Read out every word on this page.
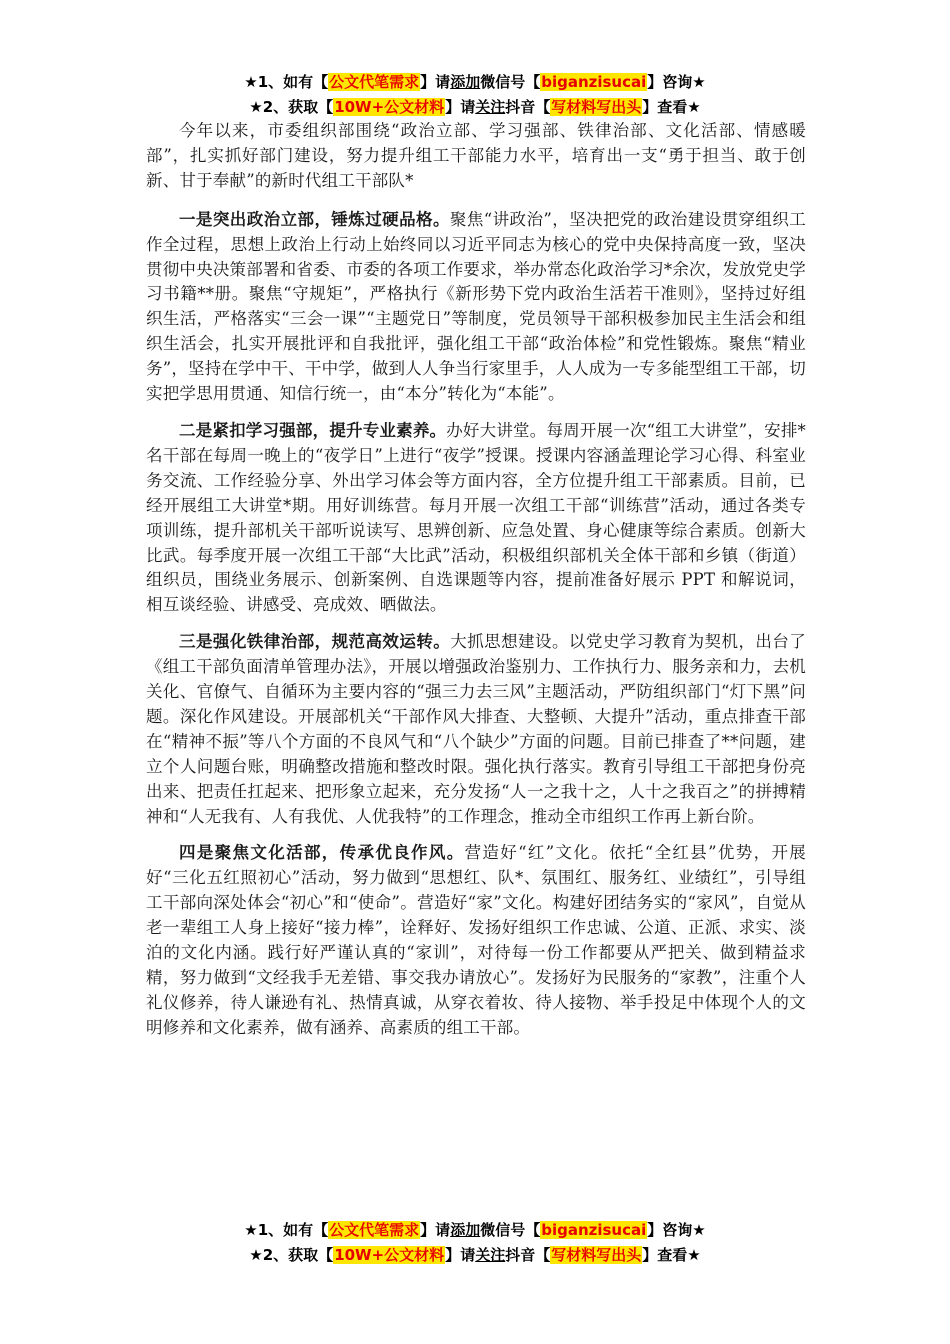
★1、如有【公文代笔需求】请添加微信号【biganzisucai】咨询★
★2、获取【10W+公文材料】请关注抖音【写材料写出头】查看★

今年以来，市委组织部围绕“政治立部、学习强部、铁律治部、文化活部、情感暖部”，扎实抓好部门建设，努力提升组工干部能力水平，培育出一支“勇于担当、敢于创新、甘于奉献”的新时代组工干部队*

一是突出政治立部，锤炼过硬品格。聚焦“讲政治”，坚决把党的政治建设贯穿组织工作全过程，思想上政治上行动上始终同以习近平同志为核心的党中央保持高度一致，坚决贯彻中央决策部署和省委、市委的各项工作要求，举办常态化政治学习*余次，发放党史学习书籍**册。聚焦“守规矩”，严格执行《新形势下党内政治生活若干准则》，坚持过好组织生活，严格落实“三会一课”“主题党日”等制度，党员领导干部积极参加民主生活会和组织生活会，扎实开展批评和自我批评，强化组工干部“政治体检”和党性锻炼。聚焦“精业务”，坚持在学中干、干中学，做到人人争当行家里手，人人成为一专多能型组工干部，切实把学思用贯通、知信行统一，由“本分”转化为“本能”。

二是紧扣学习强部，提升专业素养。办好大讲堂。每周开展一次“组工大讲堂”，安排*名干部在每周一晚上的“夜学日”上进行“夜学”授课。授课内容涵盖理论学习心得、科室业务交流、工作经验分享、外出学习体会等方面内容，全方位提升组工干部素质。目前，已经开展组工大讲堂*期。用好训练营。每月开展一次组工干部“训练营”活动，通过各类专项训练，提升部机关干部听说读写、思辨创新、应急处置、身心健康等综合素质。创新大比武。每季度开展一次组工干部“大比武”活动，积极组织部机关全体干部和乡镇（街道）组织员，围绕业务展示、创新案例、自选课题等内容，提前准备好展示 PPT 和解说词，相互谈经验、讲感受、亮成效、晒做法。

三是强化铁律治部，规范高效运转。大抓思想建设。以党史学习教育为契机，出台了《组工干部负面清单管理办法》，开展以增强政治鉴别力、工作执行力、服务亲和力，去机关化、官僚气、自循环为主要内容的“强三力去三风”主题活动，严防组织部门“灯下黑”问题。深化作风建设。开展部机关“干部作风大排查、大整顿、大提升”活动，重点排查干部在“精神不振”等八个方面的不良风气和“八个缺少”方面的问题。目前已排查了**问题，建立个人问题台账，明确整改措施和整改时限。强化执行落实。教育引导组工干部把身份亮出来、把责任扛起来、把形象立起来，充分发扬“人一之我十之，人十之我百之”的拼搏精神和“人无我有、人有我优、人优我特”的工作理念，推动全市组织工作再上新台阶。

四是聚焦文化活部，传承优良作风。营造好“红”文化。依托“全红县”优势，开展好“三化五红照初心”活动，努力做到“思想红、队*、氛围红、服务红、业绩红”，引导组工干部向深处体会“初心”和“使命”。营造好“家”文化。构建好团结务实的“家风”，自觉从老一辈组工人身上接好“接力棒”，诠释好、发扬好组织工作忠诚、公道、正派、求实、淡泊的文化内涵。践行好严谨认真的“家训”，对待每一份工作都要从严把关、做到精益求精，努力做到“文经我手无差错、事交我办请放心”。发扬好为民服务的“家教”，注重个人礼仪修养，待人谦逊有礼、热情真诚，从穿衣着妆、待人接物、举手投足中体现个人的文明修养和文化素养，做有涵养、高素质的组工干部。

★1、如有【公文代笔需求】请添加微信号【biganzisucai】咨询★
★2、获取【10W+公文材料】请关注抖音【写材料写出头】查看★
